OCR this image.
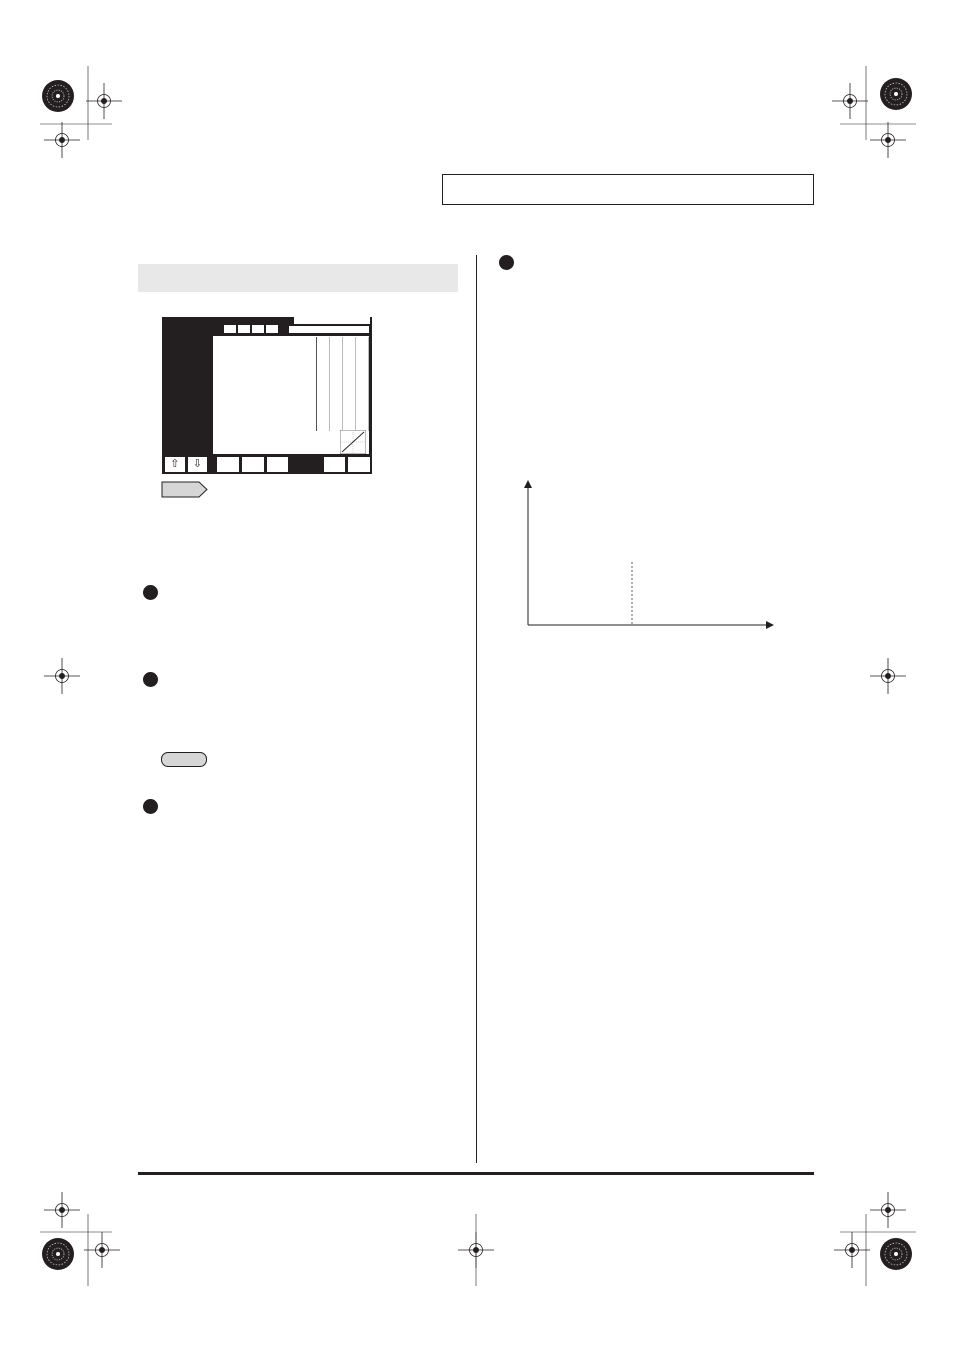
⇧	⇩
